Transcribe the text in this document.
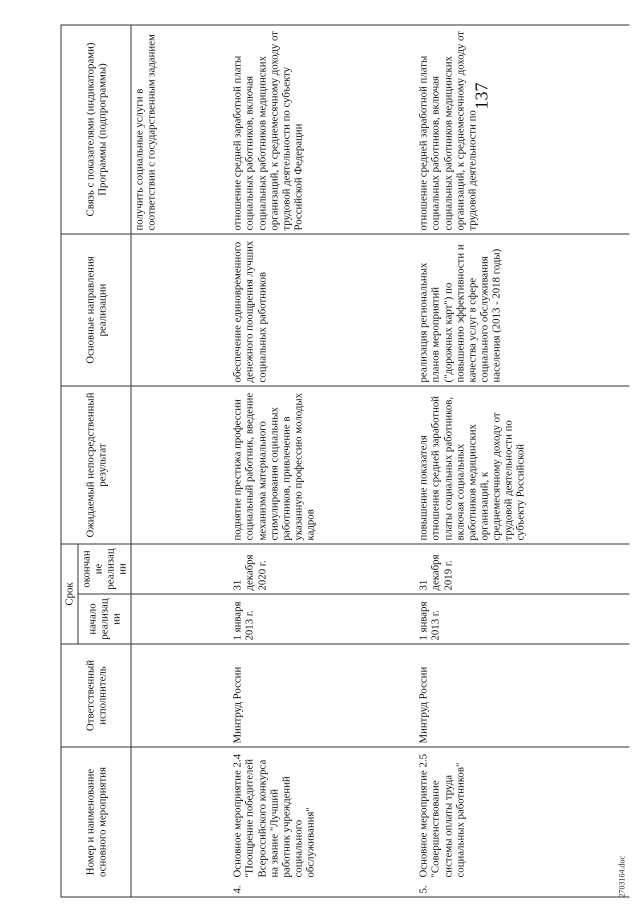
137
Номер и наименование основного мероприятия	Ответственный исполнитель	Срок		Ожидаемый непосредственный результат	Основные направления реализации	Связь с показателями (индикаторами) Программы (подпрограммы)
		начало реализации	окончание реализации			
						получить социальные услуги в соответствии с государственным заданием
4.Основное мероприятие 2.4 "Поощрение победителей Всероссийского конкурса на звание "Лучший работник учреждений социального обслуживания"	Минтруд России	1 января 2013 г.	31 декабря 2020 г.	поднятие престижа профессии социальный работник, введение механизма материального стимулирования социальных работников, привлечение в указанную профессию молодых кадров	обеспечение единовременного денежного поощрения лучших социальных работников	отношение средней заработной платы социальных работников, включая социальных работников медицинских организаций, к среднемесячному доходу от трудовой деятельности по субъекту Российской Федерации
5.Основное мероприятие 2.5 "Совершенствование системы оплаты труда социальных работников"	Минтруд России	1 января 2013 г.	31 декабря 2019 г.	повышение показателя отношения средней заработной платы социальных работников, включая социальных работников медицинских организаций, к среднемесячному доходу от трудовой деятельности по субъекту Российской	реализация региональных планов мероприятий ("дорожных карт") по повышению эффективности и качества услуг в сфере социального обслуживания населения (2013 - 2018 годы)	отношение средней заработной платы социальных работников, включая социальных работников медицинских организаций, к среднемесячному доходу от трудовой деятельности по
2703164.doc
